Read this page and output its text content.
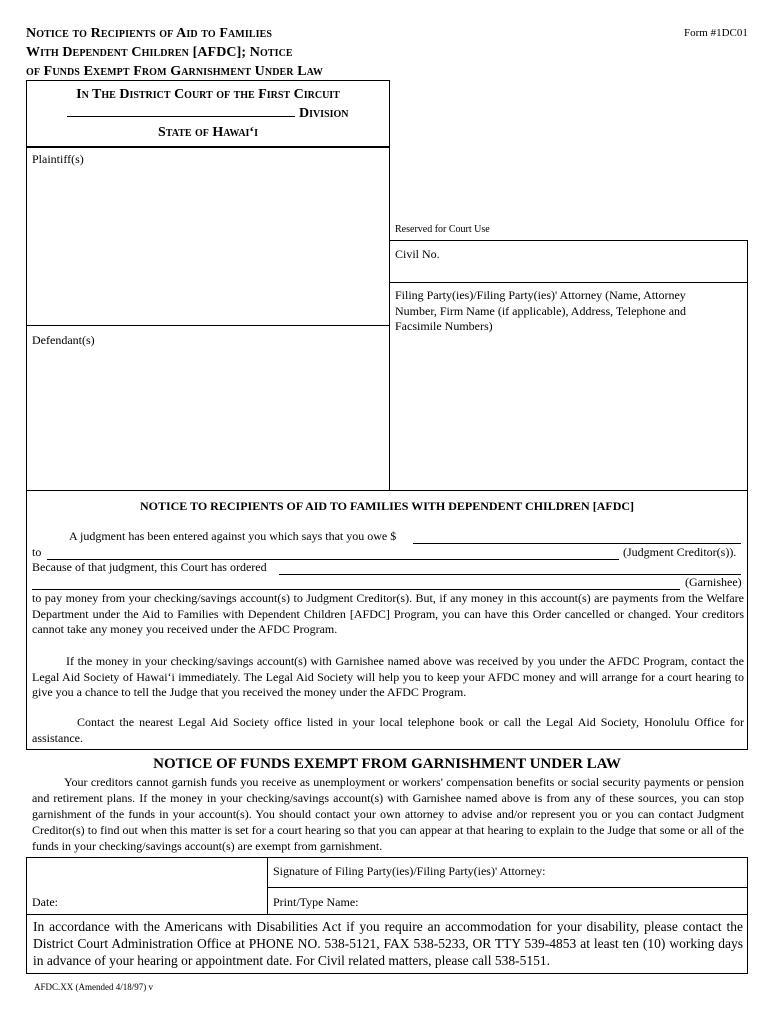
Notice to Recipients of Aid to Families
With Dependent Children [AFDC]; Notice
of Funds Exempt From Garnishment Under Law
Form #1DC01
In The District Court of the First Circuit
Division
State of Hawai‘i
Plaintiff(s)
Defendant(s)
Reserved for Court Use
Civil No.
Filing Party(ies)/Filing Party(ies)' Attorney (Name, Attorney Number, Firm Name (if applicable), Address, Telephone and Facsimile Numbers)
NOTICE TO RECIPIENTS OF AID TO FAMILIES WITH DEPENDENT CHILDREN [AFDC]
A judgment has been entered against you which says that you owe $
to	(Judgment Creditor(s)).
Because of that judgment, this Court has ordered
(Garnishee)
to pay money from your checking/savings account(s) to Judgment Creditor(s). But, if any money in this account(s) are payments from the Welfare Department under the Aid to Families with Dependent Children [AFDC] Program, you can have this Order cancelled or changed. Your creditors cannot take any money you received under the AFDC Program.
If the money in your checking/savings account(s) with Garnishee named above was received by you under the AFDC Program, contact the Legal Aid Society of Hawai‘i immediately. The Legal Aid Society will help you to keep your AFDC money and will arrange for a court hearing to give you a chance to tell the Judge that you received the money under the AFDC Program.
Contact the nearest Legal Aid Society office listed in your local telephone book or call the Legal Aid Society, Honolulu Office for assistance.
NOTICE OF FUNDS EXEMPT FROM GARNISHMENT UNDER LAW
Your creditors cannot garnish funds you receive as unemployment or workers' compensation benefits or social security payments or pension and retirement plans. If the money in your checking/savings account(s) with Garnishee named above is from any of these sources, you can stop garnishment of the funds in your account(s). You should contact your own attorney to advise and/or represent you or you can contact Judgment Creditor(s) to find out when this matter is set for a court hearing so that you can appear at that hearing to explain to the Judge that some or all of the funds in your checking/savings account(s) are exempt from garnishment.
Date:
Signature of Filing Party(ies)/Filing Party(ies)' Attorney:
Print/Type Name:
In accordance with the Americans with Disabilities Act if you require an accommodation for your disability, please contact the District Court Administration Office at PHONE NO. 538-5121, FAX 538-5233, OR TTY 539-4853 at least ten (10) working days in advance of your hearing or appointment date. For Civil related matters, please call 538-5151.
AFDC.XX (Amended 4/18/97) v
